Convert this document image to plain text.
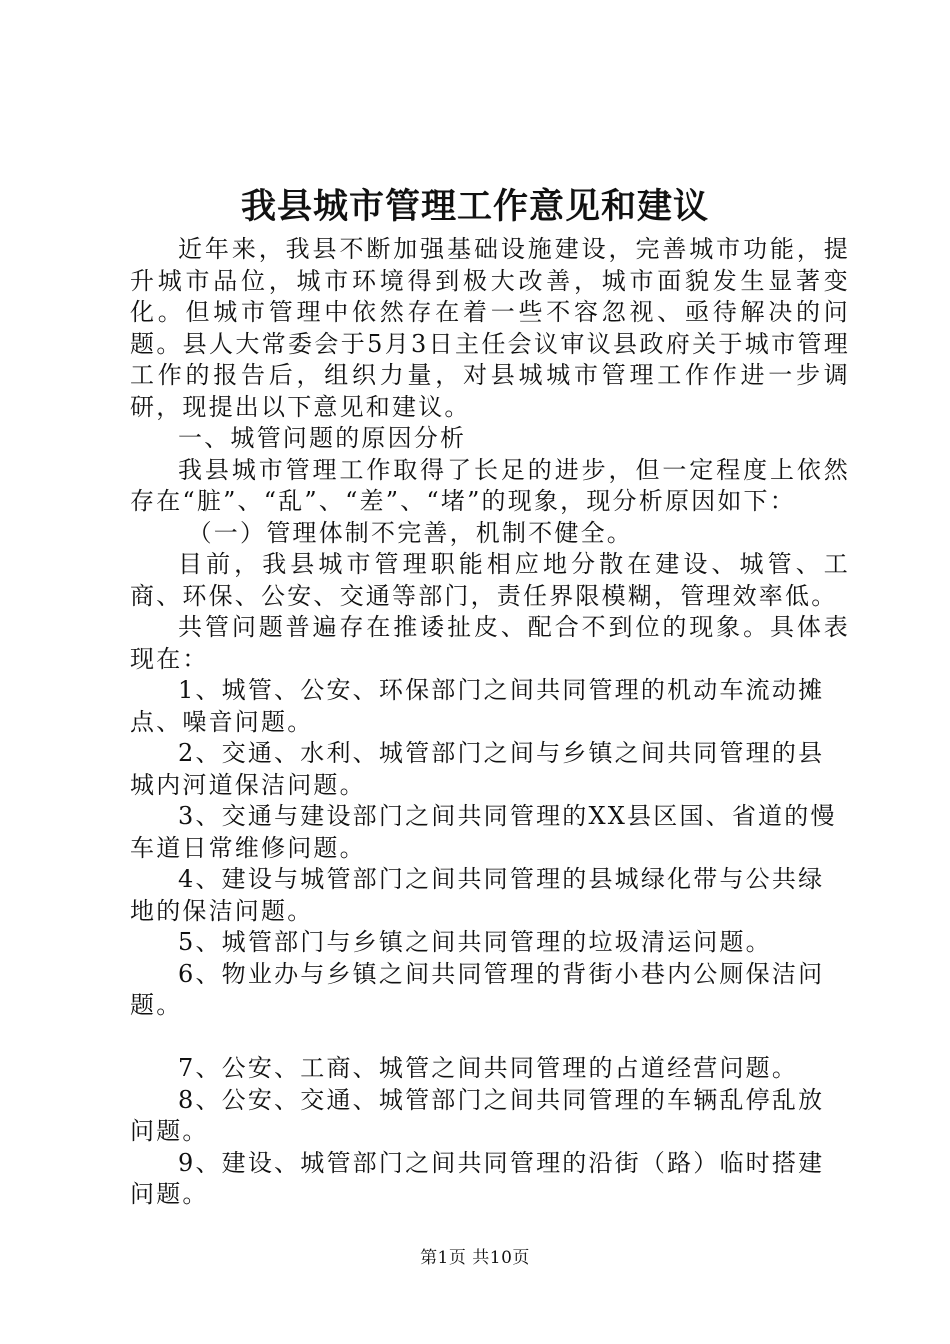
我县城市管理工作意见和建议

近年来，我县不断加强基础设施建设，完善城市功能，提升城市品位，城市环境得到极大改善，城市面貌发生显著变化。但城市管理中依然存在着一些不容忽视、亟待解决的问题。县人大常委会于5月3日主任会议审议县政府关于城市管理工作的报告后，组织力量，对县城城市管理工作作进一步调研，现提出以下意见和建议。

一、城管问题的原因分析

我县城市管理工作取得了长足的进步，但一定程度上依然存在“脏”、“乱”、“差”、“堵”的现象，现分析原因如下：

（一）管理体制不完善，机制不健全。

目前，我县城市管理职能相应地分散在建设、城管、工商、环保、公安、交通等部门，责任界限模糊，管理效率低。

共管问题普遍存在推诿扯皮、配合不到位的现象。具体表现在：

1、城管、公安、环保部门之间共同管理的机动车流动摊点、噪音问题。

2、交通、水利、城管部门之间与乡镇之间共同管理的县城内河道保洁问题。

3、交通与建设部门之间共同管理的XX县区国、省道的慢车道日常维修问题。

4、建设与城管部门之间共同管理的县城绿化带与公共绿地的保洁问题。

5、城管部门与乡镇之间共同管理的垃圾清运问题。

6、物业办与乡镇之间共同管理的背街小巷内公厕保洁问题。

7、公安、工商、城管之间共同管理的占道经营问题。

8、公安、交通、城管部门之间共同管理的车辆乱停乱放问题。

9、建设、城管部门之间共同管理的沿街（路）临时搭建问题。

第1页 共10页
